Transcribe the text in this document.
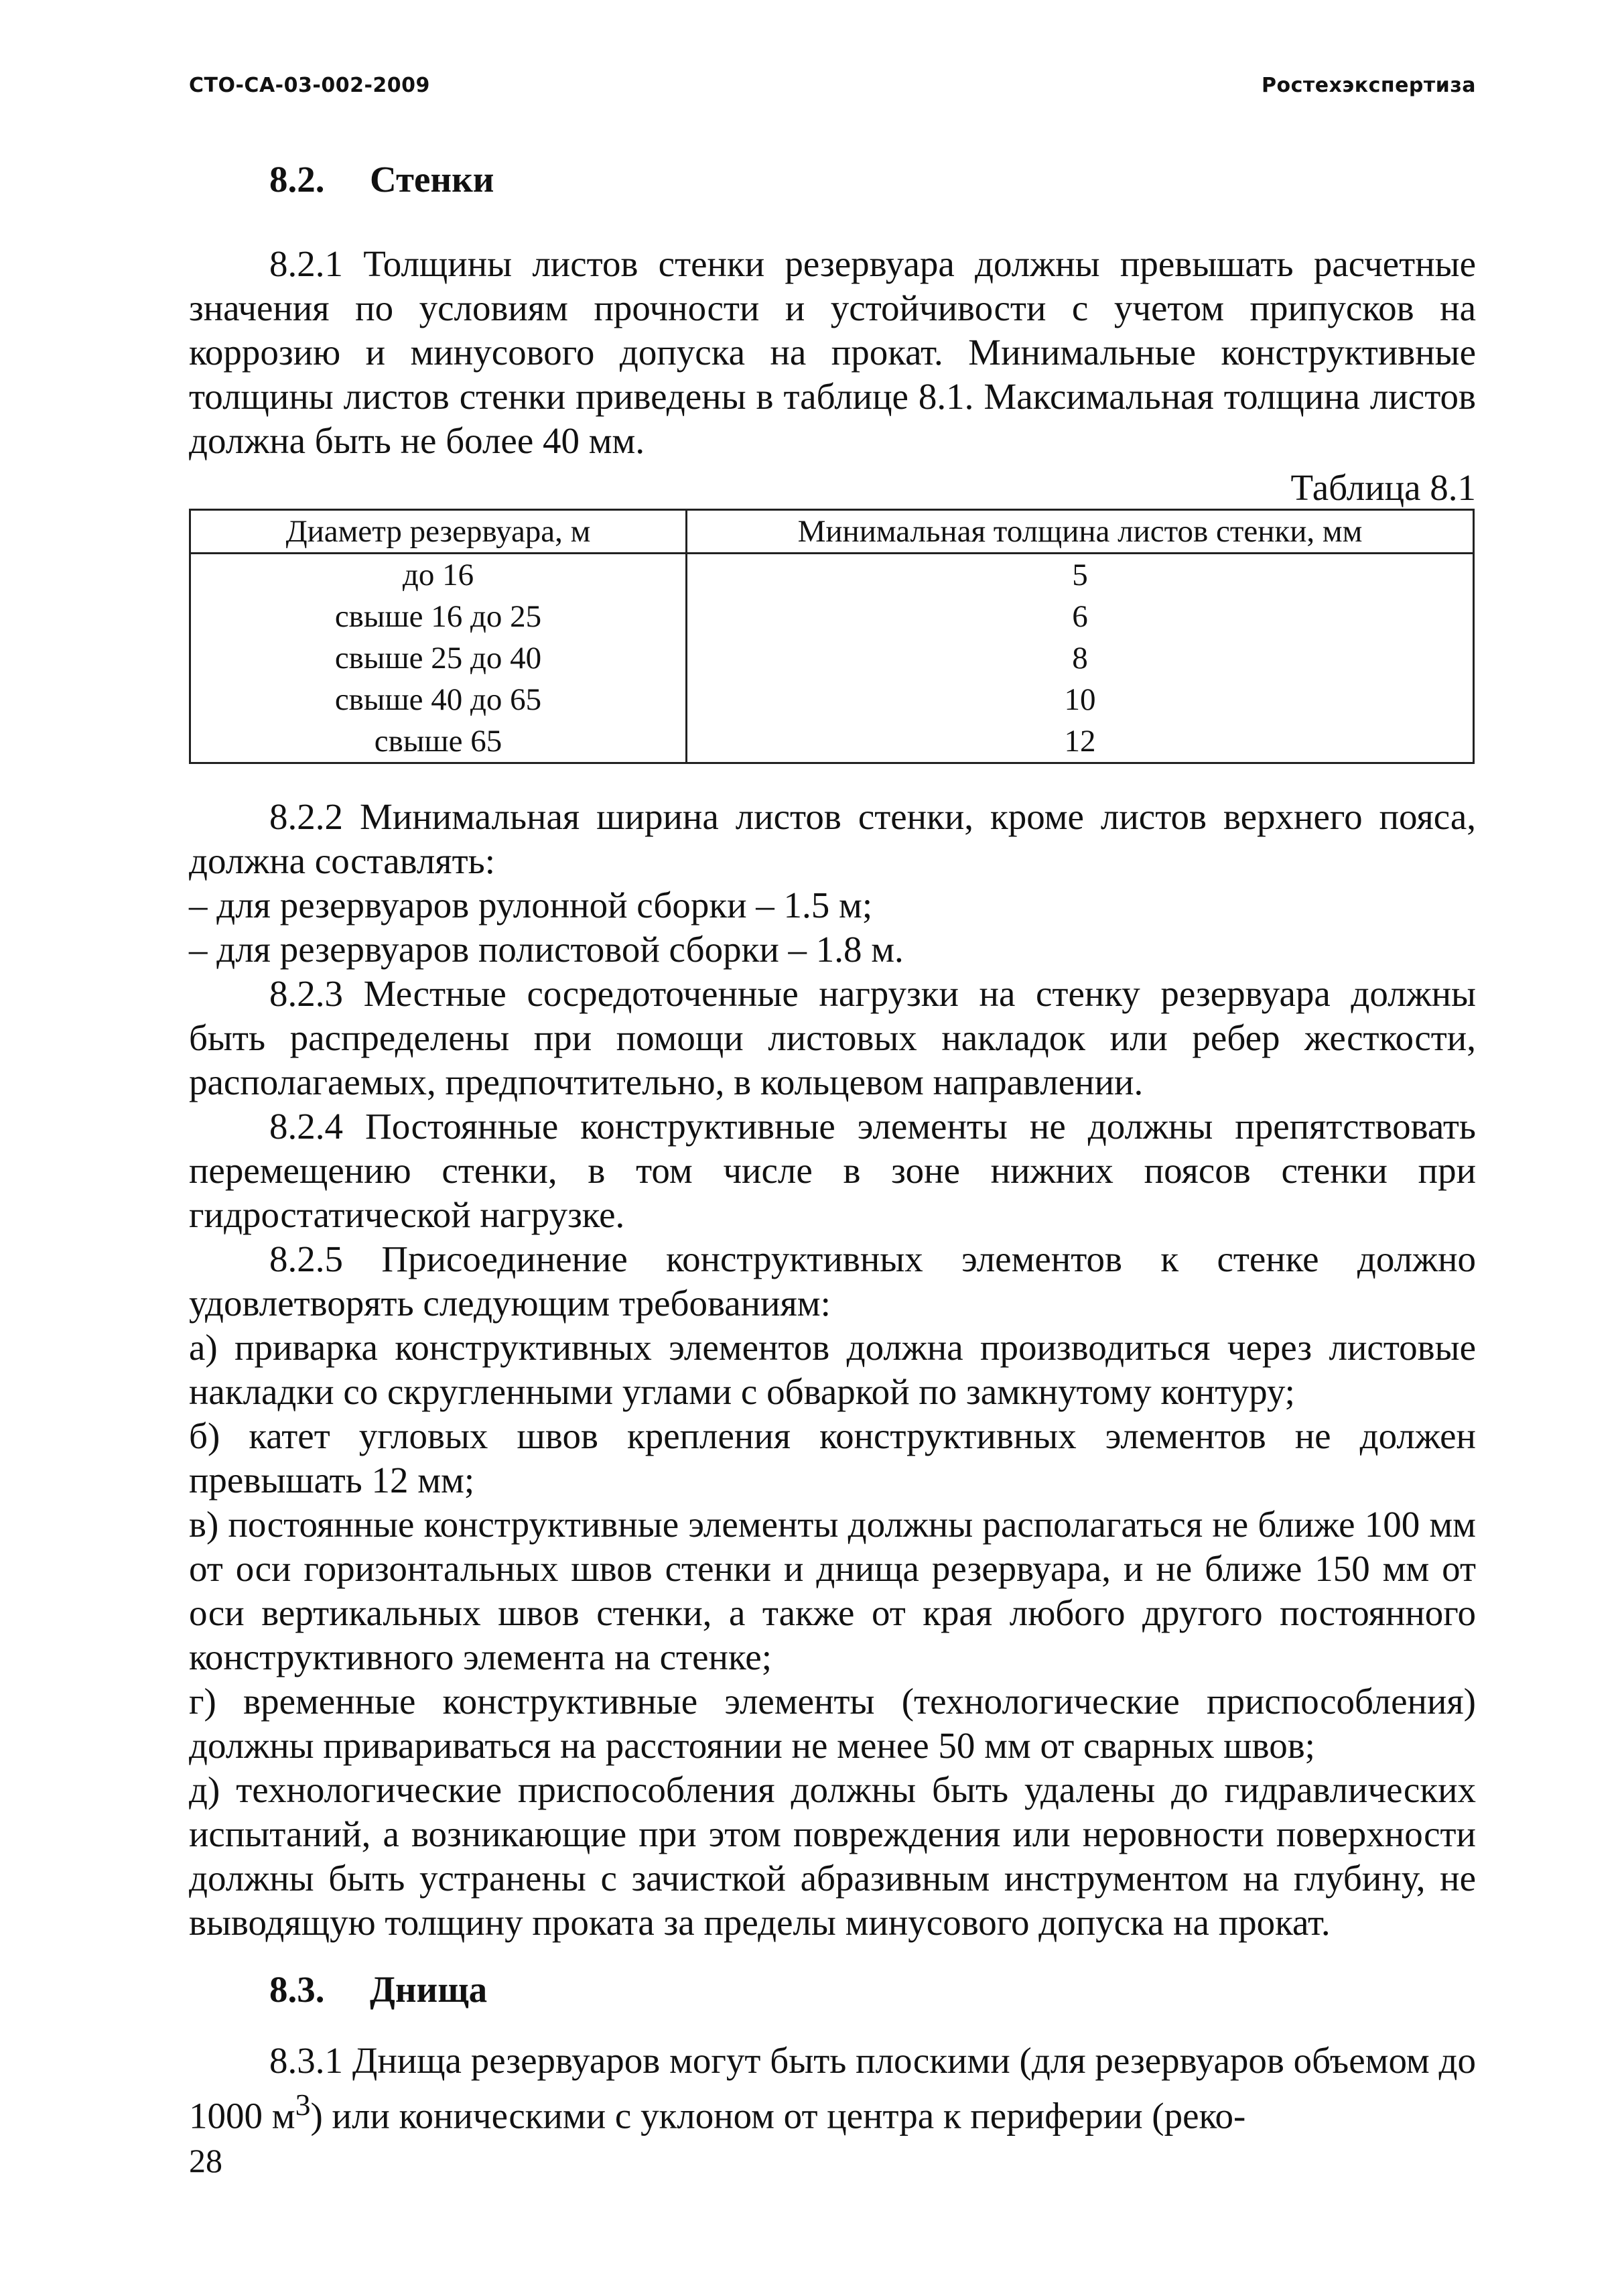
СТО-СА-03-002-2009	Ростехэкспертиза
8.2. Стенки

8.2.1 Толщины листов стенки резервуара должны превышать расчетные значения по условиям прочности и устойчивости с учетом припусков на коррозию и минусового допуска на прокат. Минимальные конструктивные толщины листов стенки приведены в таблице 8.1. Максимальная толщина листов должна быть не более 40 мм.

Таблица 8.1
Диаметр резервуара, м	Минимальная толщина листов стенки, мм
до 16	5
свыше 16 до 25	6
свыше 25 до 40	8
свыше 40 до 65	10
свыше 65	12

8.2.2 Минимальная ширина листов стенки, кроме листов верхнего пояса, должна составлять:

– для резервуаров рулонной сборки – 1.5 м;

– для резервуаров полистовой сборки – 1.8 м.

8.2.3 Местные сосредоточенные нагрузки на стенку резервуара должны быть распределены при помощи листовых накладок или ребер жесткости, располагаемых, предпочтительно, в кольцевом направлении.

8.2.4 Постоянные конструктивные элементы не должны препятствовать перемещению стенки, в том числе в зоне нижних поясов стенки при гидростатической нагрузке.

8.2.5 Присоединение конструктивных элементов к стенке должно удовлетворять следующим требованиям:

а) приварка конструктивных элементов должна производиться через листовые накладки со скругленными углами с обваркой по замкнутому контуру;

б) катет угловых швов крепления конструктивных элементов не должен превышать 12 мм;

в) постоянные конструктивные элементы должны располагаться не ближе 100 мм от оси горизонтальных швов стенки и днища резервуара, и не ближе 150 мм от оси вертикальных швов стенки, а также от края любого другого постоянного конструктивного элемента на стенке;

г) временные конструктивные элементы (технологические приспособления) должны привариваться на расстоянии не менее 50 мм от сварных швов;

д) технологические приспособления должны быть удалены до гидравлических испытаний, а возникающие при этом повреждения или неровности поверхности должны быть устранены с зачисткой абразивным инструментом на глубину, не выводящую толщину проката за пределы минусового допуска на прокат.

8.3. Днища

8.3.1 Днища резервуаров могут быть плоскими (для резервуаров объемом до 1000 $м^3$) или коническими с уклоном от центра к периферии (реко-

28
